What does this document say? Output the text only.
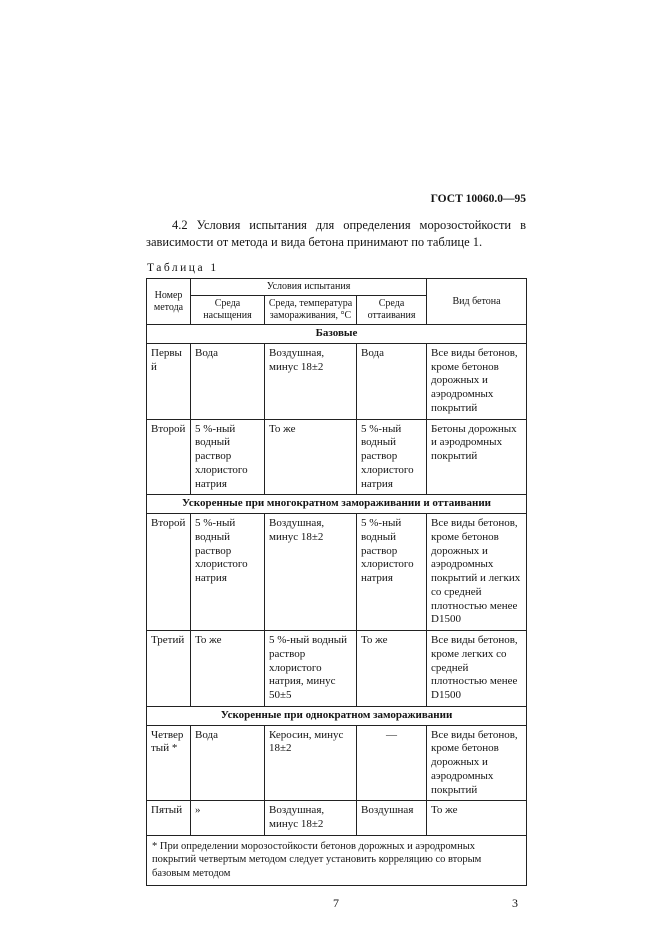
ГОСТ 10060.0—95

4.2 Условия испытания для определения морозостойкости в зависимости от метода и вида бетона принимают по таблице 1.

Таблица 1
Номер метода	Условия испытания			Вид бетона
	Среда насыщения	Среда, температура замораживания, °С	Среда оттаивания	
Базовые				
Первый	Вода	Воздушная, минус 18±2	Вода	Все виды бетонов, кроме бетонов дорожных и аэродромных покрытий
Второй	5 %-ный водный раствор хлористого натрия	То же	5 %-ный водный раствор хлористого натрия	Бетоны дорожных и аэродромных покрытий
Ускоренные при многократном замораживании и оттаивании				
Второй	5 %-ный водный раствор хлористого натрия	Воздушная, минус 18±2	5 %-ный водный раствор хлористого натрия	Все виды бетонов, кроме бетонов дорожных и аэродромных покрытий и легких со средней плотностью менее D1500
Третий	То же	5 %-ный водный раствор хлористого натрия, минус 50±5	То же	Все виды бетонов, кроме легких со средней плотностью менее D1500
Ускоренные при однократном замораживании				
Четвертый *	Вода	Керосин, минус 18±2	—	Все виды бетонов, кроме бетонов дорожных и аэродромных покрытий
Пятый	»	Воздушная, минус 18±2	Воздушная	То же
* При определении морозостойкости бетонов дорожных и аэродромных покрытий четвертым методом следует установить корреляцию со вторым базовым методом				
7	3
